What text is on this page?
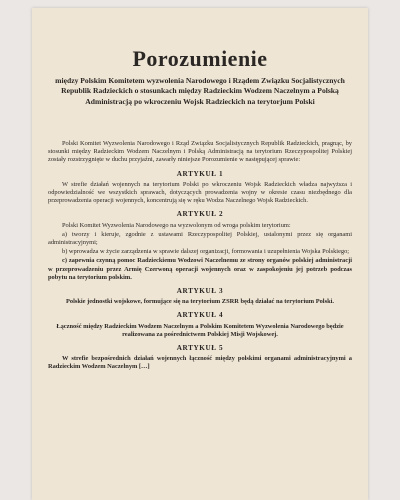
Porozumienie
między Polskim Komitetem wyzwolenia Narodowego i Rządem Związku Socjalistycznych Republik Radzieckich o stosunkach między Radzieckim Wodzem Naczelnym a Polską Administracją po wkroczeniu Wojsk Radzieckich na terytorjum Polski

Polski Komitet Wyzwolenia Narodowego i Rząd Związku Socjalistycznych Republik Radzieckich, pragnąc, by stosunki między Radzieckim Wodzem Naczelnym i Polską Administracją na terytorium Rzeczypospolitej Polskiej zostały rozstrzygnięte w duchu przyjaźni, zawarły niniejsze Porozumienie w następującej sprawie:

ARTYKUŁ 1

W strefie działań wojennych na terytorium Polski po wkroczeniu Wojsk Radzieckich władza najwyższa i odpowiedzialność we wszystkich sprawach, dotyczących prowadzenia wojny w okresie czasu niezbędnego dla przeprowadzenia operacji wojennych, koncentrują się w ręku Wodza Naczelnego Wojsk Radzieckich.

ARTYKUŁ 2

Polski Komitet Wyzwolenia Narodowego na wyzwolonym od wroga polskim terytorium:

a) tworzy i kieruje, zgodnie z ustawami Rzeczypospolitej Polskiej, ustalonymi przez się organami administracyjnymi;

b) wprowadza w życie zarządzenia w sprawie dalszej organizacji, formowania i uzupełnienia Wojska Polskiego;

c) zapewnia czynną pomoc Radzieckiemu Wodzowi Naczelnemu ze strony organów polskiej administracji w przeprowadzeniu przez Armię Czerwoną operacji wojennych oraz w zaspokojeniu jej potrzeb podczas pobytu na terytorium polskim.

ARTYKUŁ 3

Polskie jednostki wojskowe, formujące się na terytorium ZSRR będą działać na terytorium Polski.

ARTYKUŁ 4

Łączność między Radzieckim Wodzem Naczelnym a Polskim Komitetem Wyzwolenia Narodowego będzie realizowana za pośrednictwem Polskiej Misji Wojskowej.

ARTYKUŁ 5

W strefie bezpośrednich działań wojennych łączność między polskimi organami administracyjnymi a Radzieckim Wodzem Naczelnym […]
